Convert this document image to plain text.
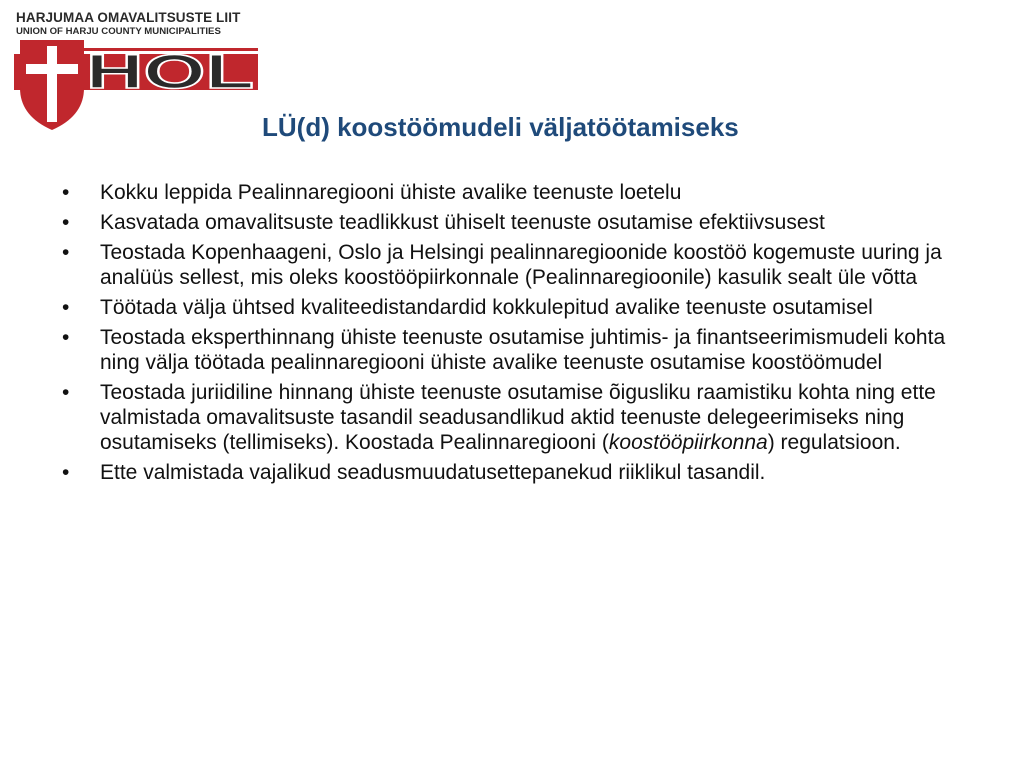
HARJUMAA OMAVALITSUSTE LIIT
UNION OF HARJU COUNTY MUNICIPALITIES
HOL
LÜ(d) koostöömudeli väljatöötamiseks
•	Kokku leppida Pealinnaregiooni ühiste avalike teenuste loetelu
•	Kasvatada omavalitsuste teadlikkust ühiselt teenuste osutamise efektiivsusest
•	Teostada Kopenhaageni, Oslo ja Helsingi pealinnaregioonide koostöö kogemuste uuring ja analüüs sellest, mis oleks koostööpiirkonnale (Pealinnaregioonile) kasulik sealt üle võtta
•	Töötada välja ühtsed kvaliteedistandardid kokkulepitud avalike teenuste osutamisel
•	Teostada eksperthinnang ühiste teenuste osutamise juhtimis- ja finantseerimismudeli kohta ning välja töötada pealinnaregiooni ühiste avalike teenuste osutamise koostöömudel
•	Teostada juriidiline hinnang ühiste teenuste osutamise õigusliku raamistiku kohta ning ette valmistada omavalitsuste tasandil seadusandlikud aktid teenuste delegeerimiseks ning osutamiseks (tellimiseks). Koostada Pealinnaregiooni (koostööpiirkonna) regulatsioon.
•	Ette valmistada vajalikud seadusmuudatusettepanekud riiklikul tasandil.
